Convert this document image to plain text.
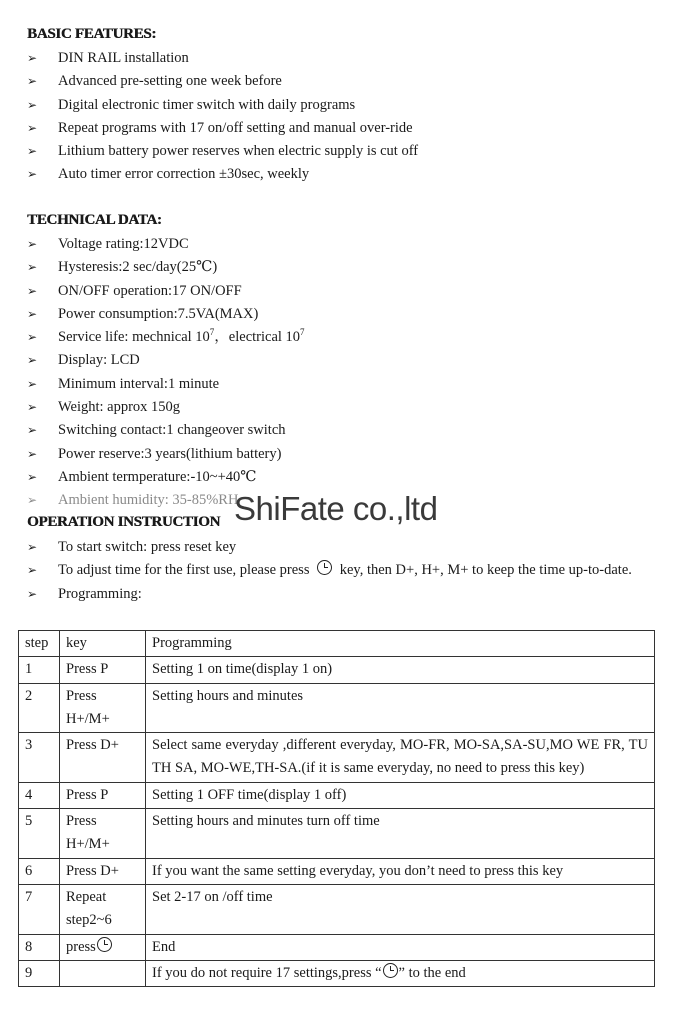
BASIC FEATURES:
➢	DIN RAIL installation
➢	Advanced pre-setting one week before
➢	Digital electronic timer switch with daily programs
➢	Repeat programs with 17 on/off setting and manual over-ride
➢	Lithium battery power reserves when electric supply is cut off
➢	Auto timer error correction ±30sec, weekly
TECHNICAL DATA:
➢	Voltage rating:12VDC
➢	Hysteresis:2 sec/day(25℃)
➢	ON/OFF operation:17 ON/OFF
➢	Power consumption:7.5VA(MAX)
➢	Service life: mechnical $10^7$，electrical $10^7$
➢	Display: LCD
➢	Minimum interval:1 minute
➢	Weight: approx 150g
➢	Switching contact:1 changeover switch
➢	Power reserve:3 years(lithium battery)
➢	Ambient termperature:-10~+40℃
➢	Ambient humidity: 35-85%RH
OPERATION INSTRUCTION
➢	To start switch: press reset key
➢	To adjust time for the first use, please press key, then D+, H+, M+ to keep the time up-to-date.
➢	Programming:
ShiFate co.,ltd
step	key	Programming
1	Press P	Setting 1 on time(display 1 on)
2	Press H+/M+	Setting hours and minutes
3	Press D+	Select same everyday ,different everyday, MO-FR, MO-SA,SA-SU,MO WE FR, TU TH SA, MO-WE,TH-SA.(if it is same everyday, no need to press this key)
4	Press P	Setting 1 OFF time(display 1 off)
5	Press H+/M+	Setting hours and minutes turn off time
6	Press D+	If you want the same setting everyday, you don’t need to press this key
7	Repeat step2~6	Set 2-17 on /off time
8	press	End
9		If you do not require 17 settings,press “ ” to the end
